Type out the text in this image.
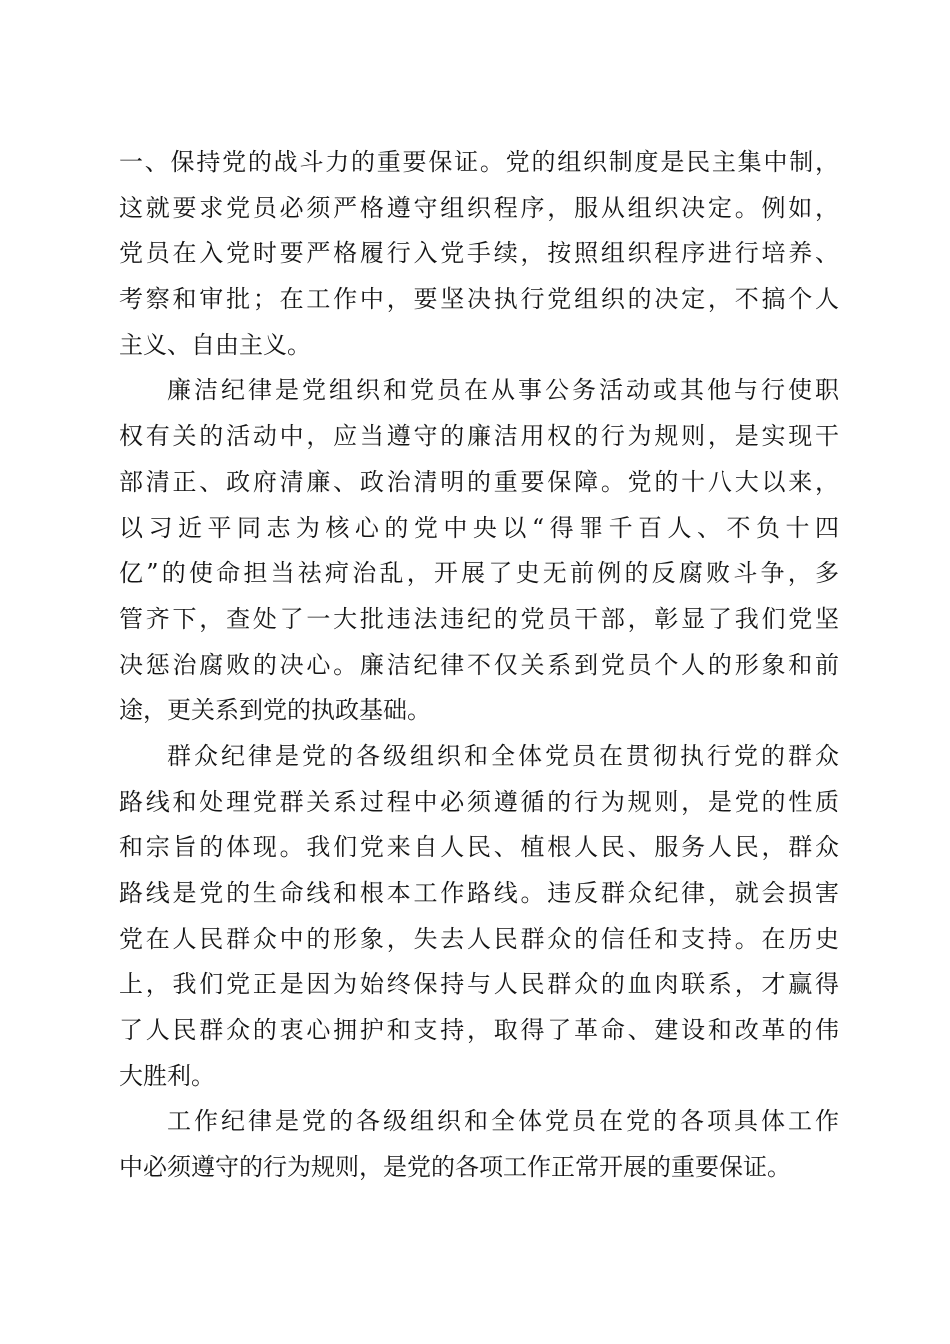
一、保持党的战斗力的重要保证。党的组织制度是民主集中制，
这就要求党员必须严格遵守组织程序，服从组织决定。例如，
党员在入党时要严格履行入党手续，按照组织程序进行培养、
考察和审批；在工作中，要坚决执行党组织的决定，不搞个人
主义、自由主义。
廉洁纪律是党组织和党员在从事公务活动或其他与行使职
权有关的活动中，应当遵守的廉洁用权的行为规则，是实现干
部清正、政府清廉、政治清明的重要保障。党的十八大以来，
以习近平同志为核心的党中央以“得罪千百人、不负十四
亿”的使命担当祛疴治乱，开展了史无前例的反腐败斗争，多
管齐下，查处了一大批违法违纪的党员干部，彰显了我们党坚
决惩治腐败的决心。廉洁纪律不仅关系到党员个人的形象和前
途，更关系到党的执政基础。
群众纪律是党的各级组织和全体党员在贯彻执行党的群众
路线和处理党群关系过程中必须遵循的行为规则，是党的性质
和宗旨的体现。我们党来自人民、植根人民、服务人民，群众
路线是党的生命线和根本工作路线。违反群众纪律，就会损害
党在人民群众中的形象，失去人民群众的信任和支持。在历史
上，我们党正是因为始终保持与人民群众的血肉联系，才赢得
了人民群众的衷心拥护和支持，取得了革命、建设和改革的伟
大胜利。
工作纪律是党的各级组织和全体党员在党的各项具体工作
中必须遵守的行为规则，是党的各项工作正常开展的重要保证。
